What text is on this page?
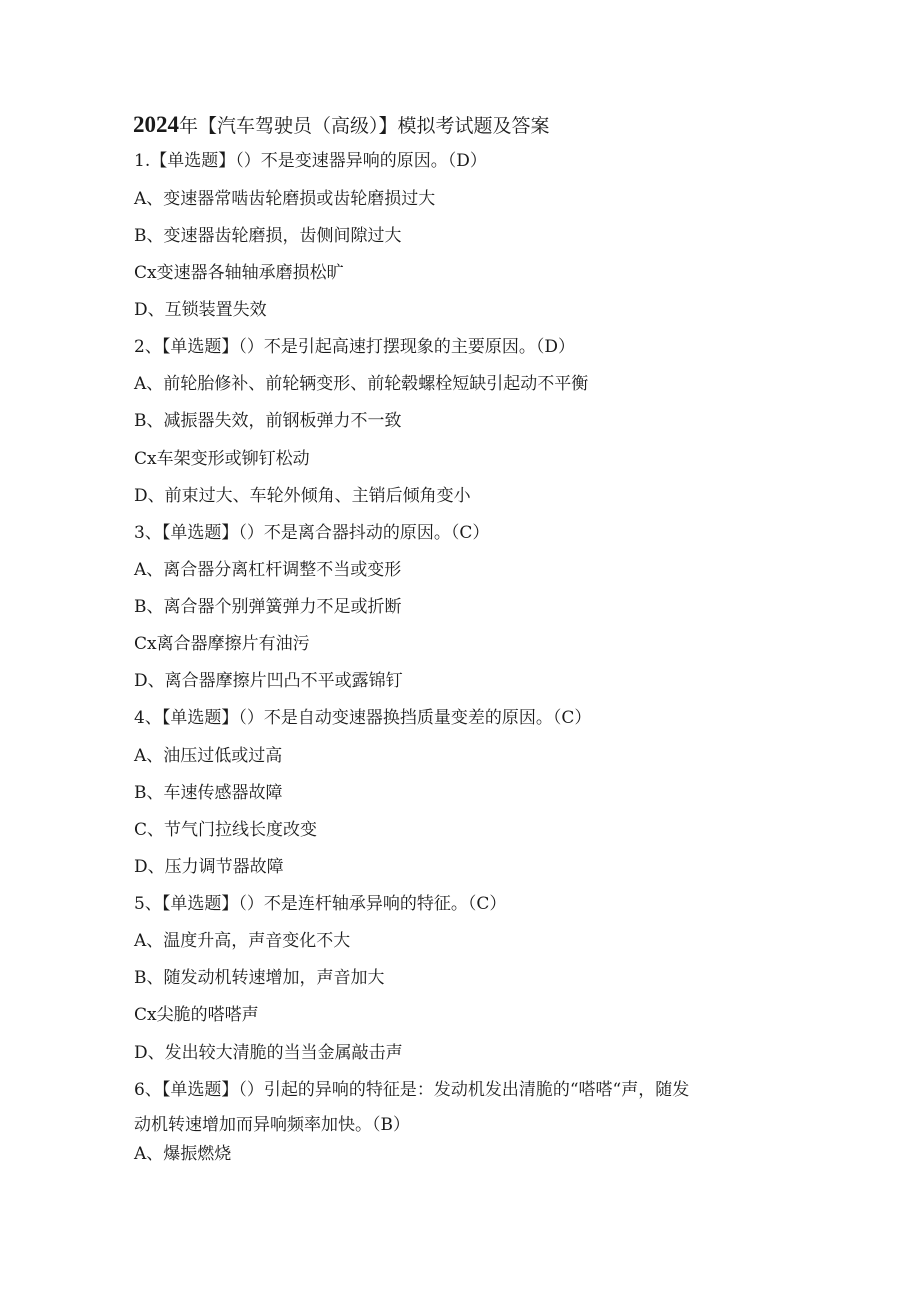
2024年【汽车驾驶员（高级）】模拟考试题及答案
1.【单选题】（）不是变速器异响的原因。（D）
A、变速器常啮齿轮磨损或齿轮磨损过大
B、变速器齿轮磨损，齿侧间隙过大
Cx变速器各轴轴承磨损松旷
D、互锁装置失效
2、【单选题】（）不是引起高速打摆现象的主要原因。（D）
A、前轮胎修补、前轮辆变形、前轮毂螺栓短缺引起动不平衡
B、减振器失效，前钢板弹力不一致
Cx车架变形或铆钉松动
D、前束过大、车轮外倾角、主销后倾角变小
3、【单选题】（）不是离合器抖动的原因。（C）
A、离合器分离杠杆调整不当或变形
B、离合器个别弹簧弹力不足或折断
Cx离合器摩擦片有油污
D、离合器摩擦片凹凸不平或露锦钉
4、【单选题】（）不是自动变速器换挡质量变差的原因。（C）
A、油压过低或过高
B、车速传感器故障
C、节气门拉线长度改变
D、压力调节器故障
5、【单选题】（）不是连杆轴承异响的特征。（C）
A、温度升高，声音变化不大
B、随发动机转速增加，声音加大
Cx尖脆的嗒嗒声
D、发出较大清脆的当当金属敲击声
6、【单选题】（）引起的异响的特征是：发动机发出清脆的“嗒嗒“声，随发
动机转速增加而异响频率加快。（B）
A、爆振燃烧
